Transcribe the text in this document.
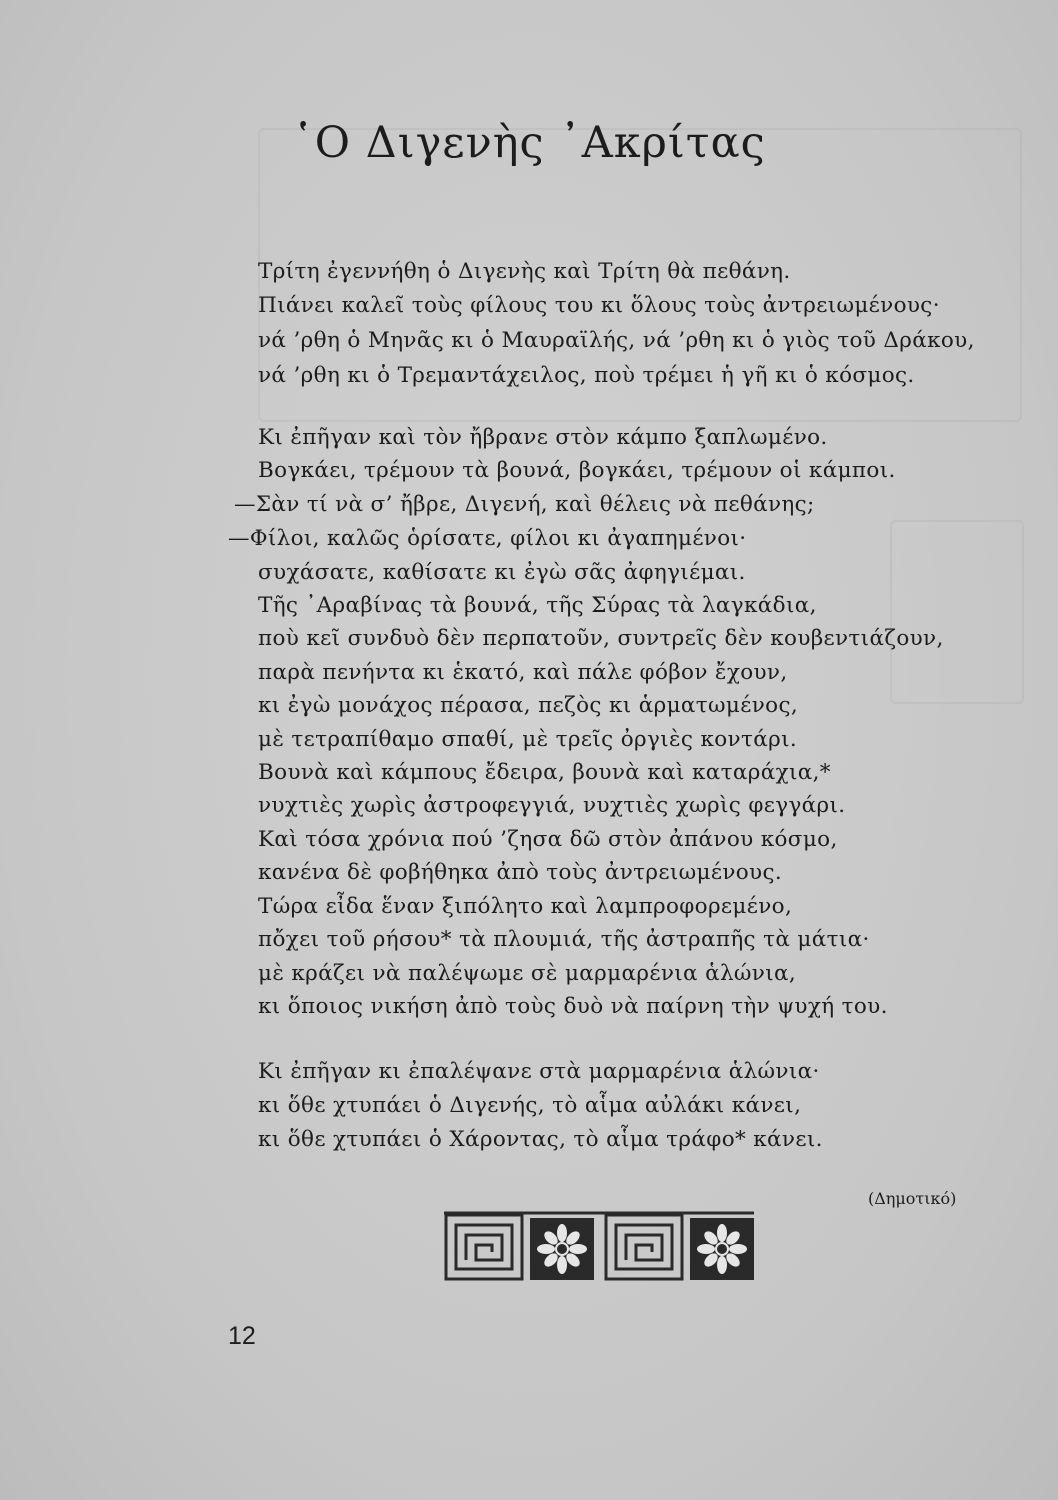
῾Ο Διγενὴς ᾿Ακρίτας
Τρίτη ἐγεννήθη ὁ Διγενὴς καὶ Τρίτη θὰ πεθάνη.
Πιάνει καλεῖ τοὺς φίλους του κι ὅλους τοὺς ἀντρειωμένους·
νά ’ρθη ὁ Μηνᾶς κι ὁ Μαυραϊλής, νά ’ρθη κι ὁ γιὸς τοῦ Δράκου,
νά ’ρθη κι ὁ Τρεμαντάχειλος, ποὺ τρέμει ἡ γῆ κι ὁ κόσμος.
Κι ἐπῆγαν καὶ τὸν ἤβρανε στὸν κάμπο ξαπλωμένο.
Βογκάει, τρέμουν τὰ βουνά, βογκάει, τρέμουν οἱ κάμποι.
—Σὰν τί νὰ σ’ ἤβρε, Διγενή, καὶ θέλεις νὰ πεθάνης;
—Φίλοι, καλῶς ὁρίσατε, φίλοι κι ἀγαπημένοι·
συχάσατε, καθίσατε κι ἐγὼ σᾶς ἀφηγιέμαι.
Τῆς ᾿Αραβίνας τὰ βουνά, τῆς Σύρας τὰ λαγκάδια,
ποὺ κεῖ συνδυὸ δὲν περπατοῦν, συντρεῖς δὲν κουβεντιάζουν,
παρὰ πενήντα κι ἑκατό, καὶ πάλε φόβον ἔχουν,
κι ἐγὼ μονάχος πέρασα, πεζὸς κι ἁρματωμένος,
μὲ τετραπίθαμο σπαθί, μὲ τρεῖς ὀργιὲς κοντάρι.
Βουνὰ καὶ κάμπους ἔδειρα, βουνὰ καὶ καταράχια,*
νυχτιὲς χωρὶς ἀστροφεγγιά, νυχτιὲς χωρὶς φεγγάρι.
Καὶ τόσα χρόνια πού ’ζησα δῶ στὸν ἀπάνου κόσμο,
κανένα δὲ φοβήθηκα ἀπὸ τοὺς ἀντρειωμένους.
Τώρα εἶδα ἕναν ξιπόλητο καὶ λαμπροφορεμένο,
πὄχει τοῦ ρήσου* τὰ πλουμιά, τῆς ἀστραπῆς τὰ μάτια·
μὲ κράζει νὰ παλέψωμε σὲ μαρμαρένια ἁλώνια,
κι ὅποιος νικήση ἀπὸ τοὺς δυὸ νὰ παίρνη τὴν ψυχή του.
Κι ἐπῆγαν κι ἐπαλέψανε στὰ μαρμαρένια ἁλώνια·
κι ὅθε χτυπάει ὁ Διγενής, τὸ αἷμα αὐλάκι κάνει,
κι ὅθε χτυπάει ὁ Χάροντας, τὸ αἷμα τράφο* κάνει.
(Δημοτικό)
12
